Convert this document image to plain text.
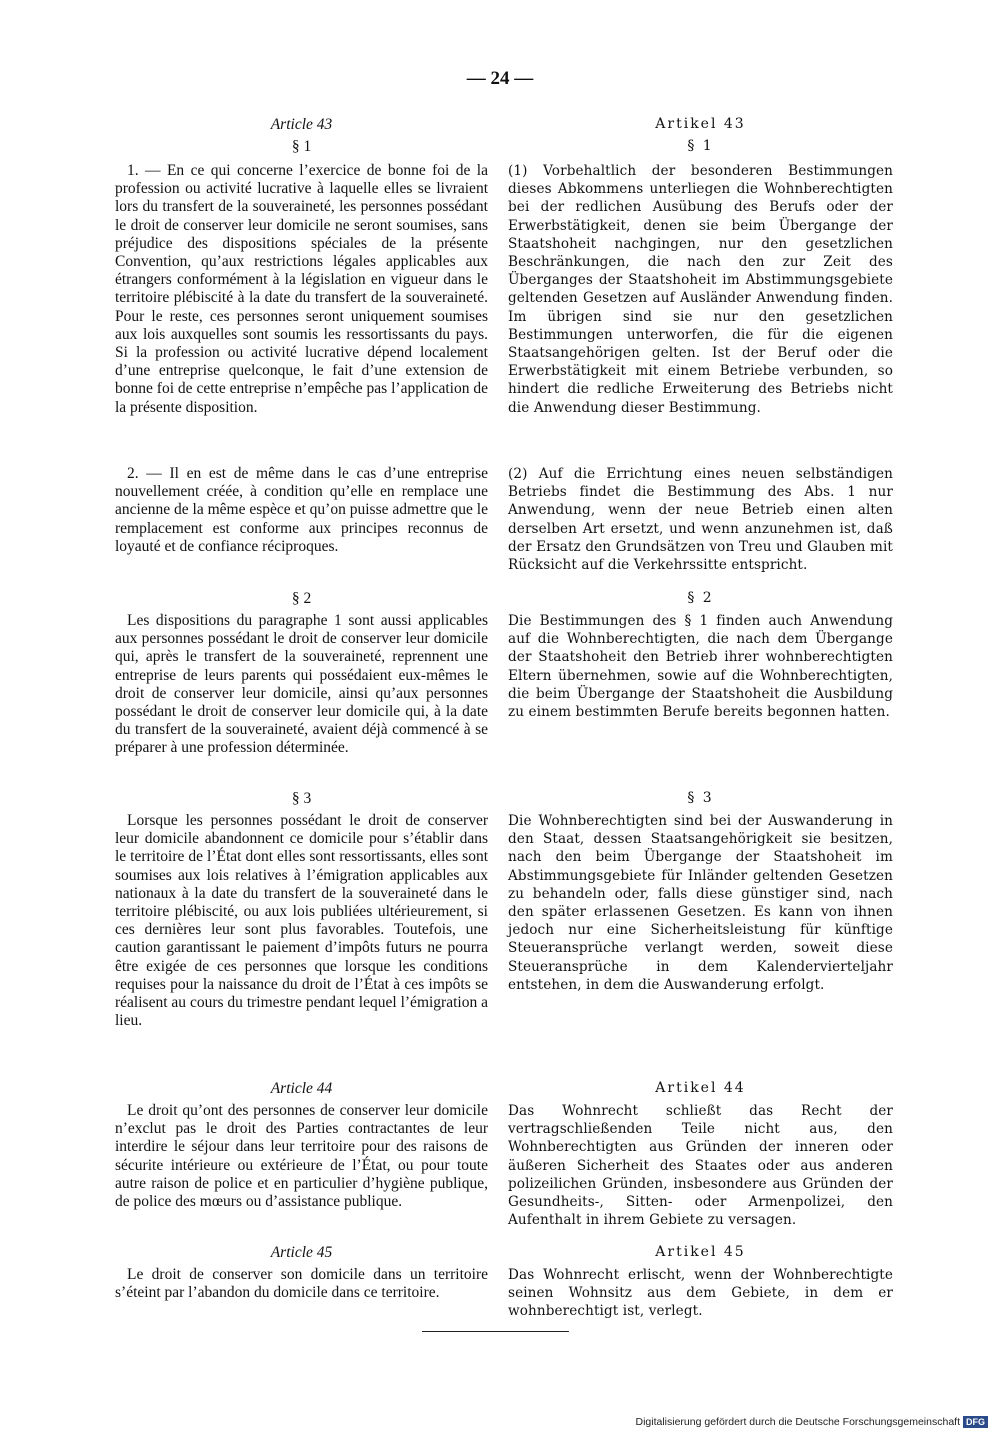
— 24 —
Article 43
§ 1

1. — En ce qui concerne l’exercice de bonne foi de la profession ou activité lucrative à laquelle elles se livraient lors du transfert de la souveraineté, les personnes possédant le droit de conserver leur domicile ne seront soumises, sans préjudice des dispositions spéciales de la présente Convention, qu’aux restrictions légales applicables aux étrangers conformément à la législation en vigueur dans le territoire plébiscité à la date du transfert de la souveraineté. Pour le reste, ces personnes seront uniquement soumises aux lois auxquelles sont soumis les ressortissants du pays. Si la profession ou activité lucrative dépend localement d’une entreprise quelconque, le fait d’une extension de bonne foi de cette entreprise n’empêche pas l’application de la présente disposition.

2. — Il en est de même dans le cas d’une entreprise nouvellement créée, à condition qu’elle en remplace une ancienne de la même espèce et qu’on puisse admettre que le remplacement est conforme aux principes reconnus de loyauté et de confiance réciproques.

§ 2

Les dispositions du paragraphe 1 sont aussi applicables aux personnes possédant le droit de conserver leur domicile qui, après le transfert de la souveraineté, reprennent une entreprise de leurs parents qui possédaient eux-mêmes le droit de conserver leur domicile, ainsi qu’aux personnes possédant le droit de conserver leur domicile qui, à la date du transfert de la souveraineté, avaient déjà commencé à se préparer à une profession déterminée.

§ 3

Lorsque les personnes possédant le droit de conserver leur domicile abandonnent ce domicile pour s’établir dans le territoire de l’État dont elles sont ressortissants, elles sont soumises aux lois relatives à l’émigration applicables aux nationaux à la date du transfert de la souveraineté dans le territoire plébiscité, ou aux lois publiées ultérieurement, si ces dernières leur sont plus favorables. Toutefois, une caution garantissant le paiement d’impôts futurs ne pourra être exigée de ces personnes que lorsque les conditions requises pour la naissance du droit de l’État à ces impôts se réalisent au cours du trimestre pendant lequel l’émigration a lieu.

Article 44

Le droit qu’ont des personnes de conserver leur domicile n’exclut pas le droit des Parties contractantes de leur interdire le séjour dans leur territoire pour des raisons de sécurite intérieure ou extérieure de l’État, ou pour toute autre raison de police et en particulier d’hygiène publique, de police des mœurs ou d’assistance publique.

Article 45

Le droit de conserver son domicile dans un territoire s’éteint par l’abandon du domicile dans ce territoire.

Artikel 43
§ 1

(1) Vorbehaltlich der besonderen Bestimmungen dieses Abkommens unterliegen die Wohnberechtigten bei der redlichen Ausübung des Berufs oder der Erwerbstätigkeit, denen sie beim Übergange der Staatshoheit nachgingen, nur den gesetzlichen Beschränkungen, die nach den zur Zeit des Überganges der Staatshoheit im Abstimmungsgebiete geltenden Gesetzen auf Ausländer Anwendung finden. Im übrigen sind sie nur den gesetzlichen Bestimmungen unterworfen, die für die eigenen Staatsangehörigen gelten. Ist der Beruf oder die Erwerbstätigkeit mit einem Betriebe verbunden, so hindert die redliche Erweiterung des Betriebs nicht die Anwendung dieser Bestimmung.

(2) Auf die Errichtung eines neuen selbständigen Betriebs findet die Bestimmung des Abs. 1 nur Anwendung, wenn der neue Betrieb einen alten derselben Art ersetzt, und wenn anzunehmen ist, daß der Ersatz den Grundsätzen von Treu und Glauben mit Rücksicht auf die Verkehrssitte entspricht.

§ 2

Die Bestimmungen des § 1 finden auch Anwendung auf die Wohnberechtigten, die nach dem Übergange der Staatshoheit den Betrieb ihrer wohnberechtigten Eltern übernehmen, sowie auf die Wohnberechtigten, die beim Übergange der Staatshoheit die Ausbildung zu einem bestimmten Berufe bereits begonnen hatten.

§ 3

Die Wohnberechtigten sind bei der Auswanderung in den Staat, dessen Staatsangehörigkeit sie besitzen, nach den beim Übergange der Staatshoheit im Abstimmungsgebiete für Inländer geltenden Gesetzen zu behandeln oder, falls diese günstiger sind, nach den später erlassenen Gesetzen. Es kann von ihnen jedoch nur eine Sicherheitsleistung für künftige Steueransprüche verlangt werden, soweit diese Steueransprüche in dem Kalendervierteljahr entstehen, in dem die Auswanderung erfolgt.

Artikel 44

Das Wohnrecht schließt das Recht der vertragschließenden Teile nicht aus, den Wohnberechtigten aus Gründen der inneren oder äußeren Sicherheit des Staates oder aus anderen polizeilichen Gründen, insbesondere aus Gründen der Gesundheits-, Sitten- oder Armenpolizei, den Aufenthalt in ihrem Gebiete zu versagen.

Artikel 45

Das Wohnrecht erlischt, wenn der Wohnberechtigte seinen Wohnsitz aus dem Gebiete, in dem er wohnberechtigt ist, verlegt.

Digitalisierung gefördert durch die Deutsche Forschungsgemeinschaft DFG
